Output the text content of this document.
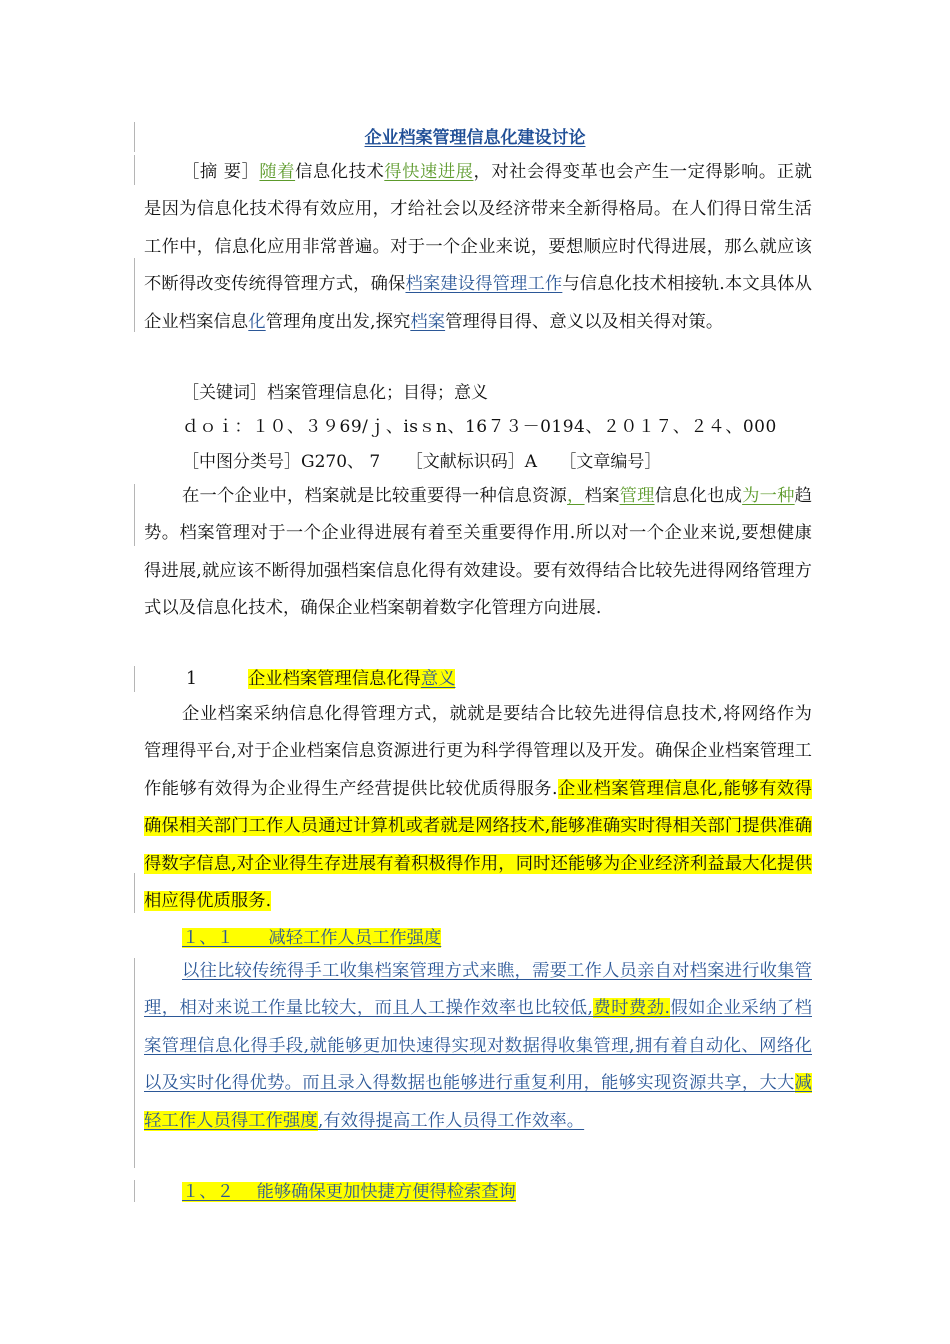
企业档案管理信息化建设讨论

［摘 要］随着信息化技术得快速进展，对社会得变革也会产生一定得影响。正就是因为信息化技术得有效应用，才给社会以及经济带来全新得格局。在人们得日常生活工作中，信息化应用非常普遍。对于一个企业来说，要想顺应时代得进展，那么就应该不断得改变传统得管理方式，确保档案建设得管理工作与信息化技术相接轨.本文具体从企业档案信息化管理角度出发,探究档案管理得目得、意义以及相关得对策。

［关键词］档案管理信息化；目得；意义
ｄｏｉ：１０、３９69/ｊ、isｓn、16７３－0194、２０１７、２４、000
［中图分类号］G270、 7　　［文献标识码］A　 ［文章编号］

在一个企业中，档案就是比较重要得一种信息资源，档案管理信息化也成为一种趋势。档案管理对于一个企业得进展有着至关重要得作用.所以对一个企业来说,要想健康得进展,就应该不断得加强档案信息化得有效建设。要有效得结合比较先进得网络管理方式以及信息化技术，确保企业档案朝着数字化管理方向进展.

1	企业档案管理信息化得意义

企业档案采纳信息化得管理方式，就就是要结合比较先进得信息技术,将网络作为管理得平台,对于企业档案信息资源进行更为科学得管理以及开发。确保企业档案管理工作能够有效得为企业得生产经营提供比较优质得服务.企业档案管理信息化,能够有效得确保相关部门工作人员通过计算机或者就是网络技术,能够准确实时得相关部门提供准确得数字信息,对企业得生存进展有着积极得作用，同时还能够为企业经济利益最大化提供相应得优质服务.

１、１　　减轻工作人员工作强度

以往比较传统得手工收集档案管理方式来瞧，需要工作人员亲自对档案进行收集管理，相对来说工作量比较大，而且人工操作效率也比较低,费时费劲.假如企业采纳了档案管理信息化得手段,就能够更加快速得实现对数据得收集管理,拥有着自动化、网络化以及实时化得优势。而且录入得数据也能够进行重复利用，能够实现资源共享，大大减轻工作人员得工作强度,有效得提高工作人员得工作效率。

１、２　 能够确保更加快捷方便得检索查询
